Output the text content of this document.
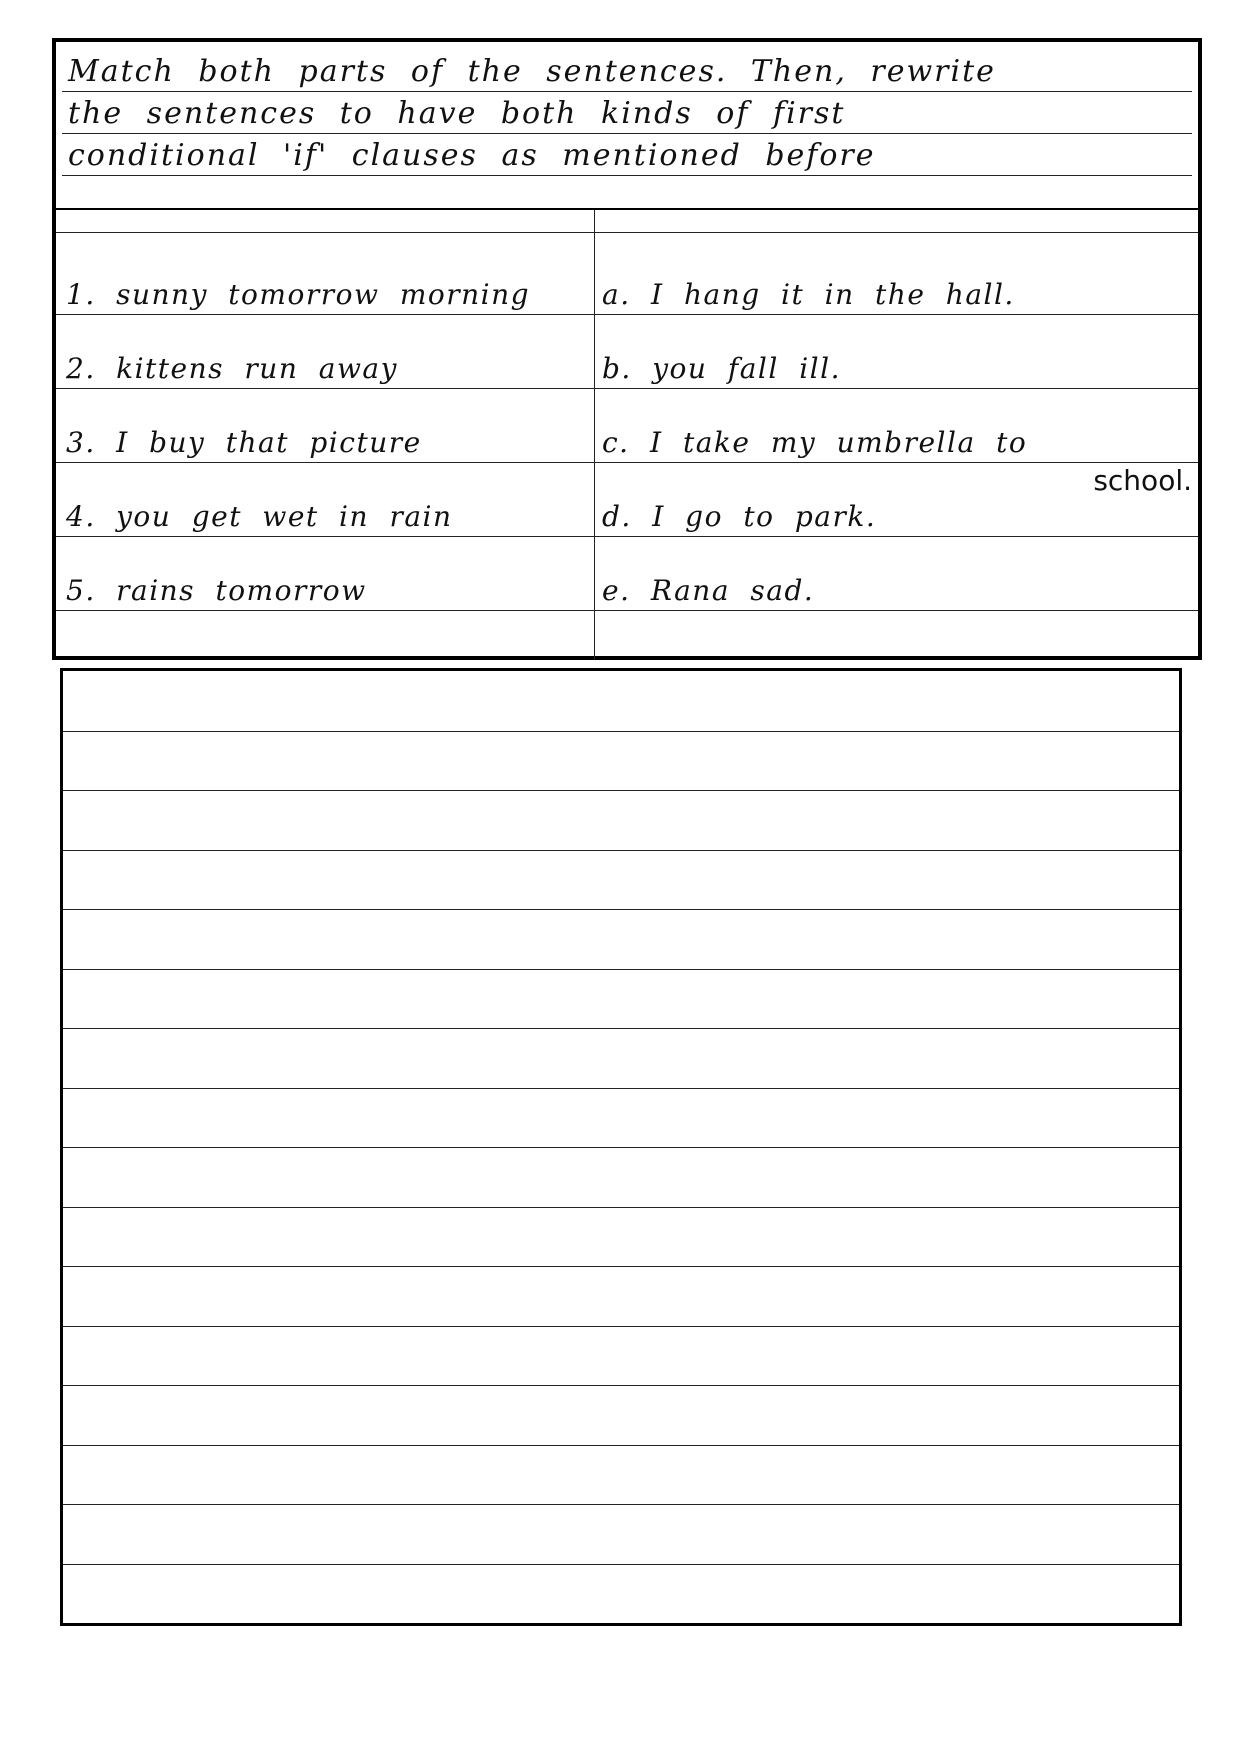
Match both parts of the sentences. Then, rewrite
the sentences to have both kinds of first
conditional 'if' clauses as mentioned before
1. sunny tomorrow morning	a. I hang it in the hall.
2. kittens run away	b. you fall ill.
3. I buy that picture	c. I take my umbrella to
school.
4. you get wet in rain	d. I go to park.
5. rains tomorrow	e. Rana sad.
